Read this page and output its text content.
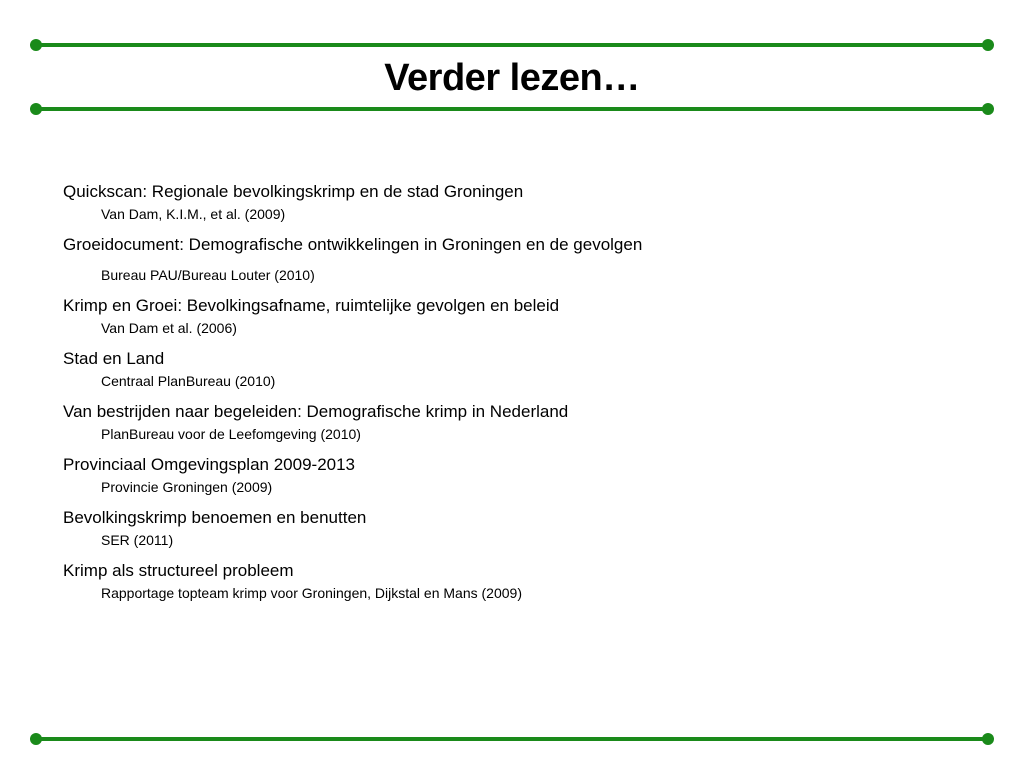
Verder lezen…
Quickscan: Regionale bevolkingskrimp en de stad Groningen
Van Dam, K.I.M., et al. (2009)
Groeidocument: Demografische ontwikkelingen in Groningen en de gevolgen
Bureau PAU/Bureau Louter (2010)
Krimp en Groei: Bevolkingsafname, ruimtelijke gevolgen en beleid
Van Dam et al. (2006)
Stad en Land
Centraal PlanBureau (2010)
Van bestrijden naar begeleiden: Demografische krimp in Nederland
PlanBureau voor de Leefomgeving (2010)
Provinciaal Omgevingsplan 2009-2013
Provincie Groningen (2009)
Bevolkingskrimp benoemen en benutten
SER (2011)
Krimp als structureel probleem
Rapportage topteam krimp voor Groningen, Dijkstal en Mans (2009)
